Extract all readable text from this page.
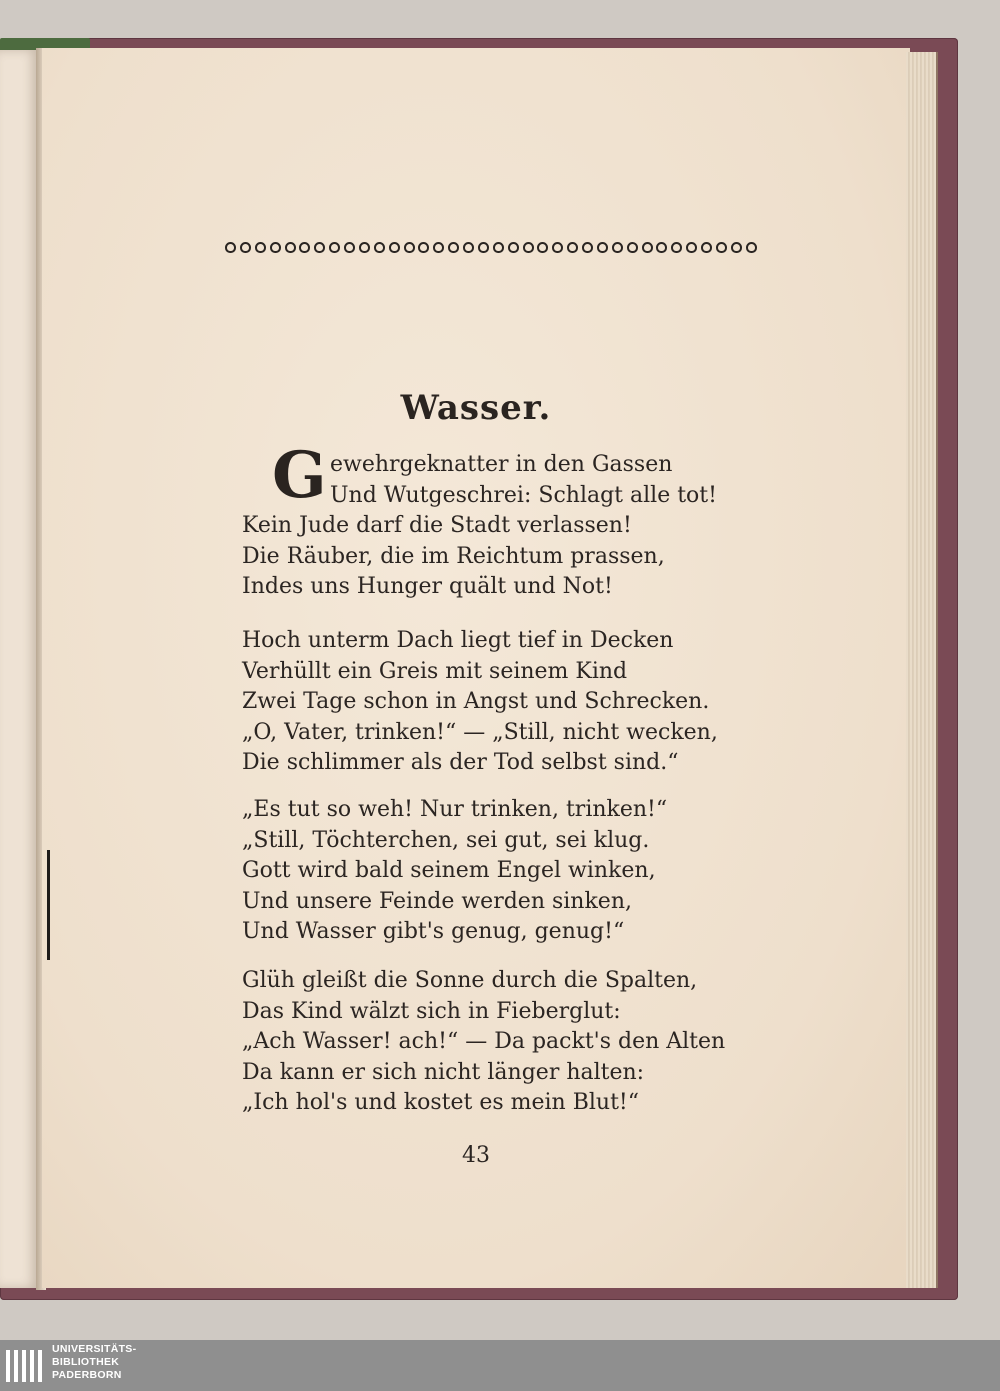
Wasser.
G ewehrgeknatter in den Gassen
Und Wutgeschrei: Schlagt alle tot!
Kein Jude darf die Stadt verlassen!
Die Räuber, die im Reichtum prassen,
Indes uns Hunger quält und Not!
Hoch unterm Dach liegt tief in Decken
Verhüllt ein Greis mit seinem Kind
Zwei Tage schon in Angst und Schrecken.
„O, Vater, trinken!“ — „Still, nicht wecken,
Die schlimmer als der Tod selbst sind.“
„Es tut so weh! Nur trinken, trinken!“
„Still, Töchterchen, sei gut, sei klug.
Gott wird bald seinem Engel winken,
Und unsere Feinde werden sinken,
Und Wasser gibt's genug, genug!“
Glüh gleißt die Sonne durch die Spalten,
Das Kind wälzt sich in Fieberglut:
„Ach Wasser! ach!“ — Da packt's den Alten
Da kann er sich nicht länger halten:
„Ich hol's und kostet es mein Blut!“
43
UNIVERSITÄTS-
BIBLIOTHEK
PADERBORN
